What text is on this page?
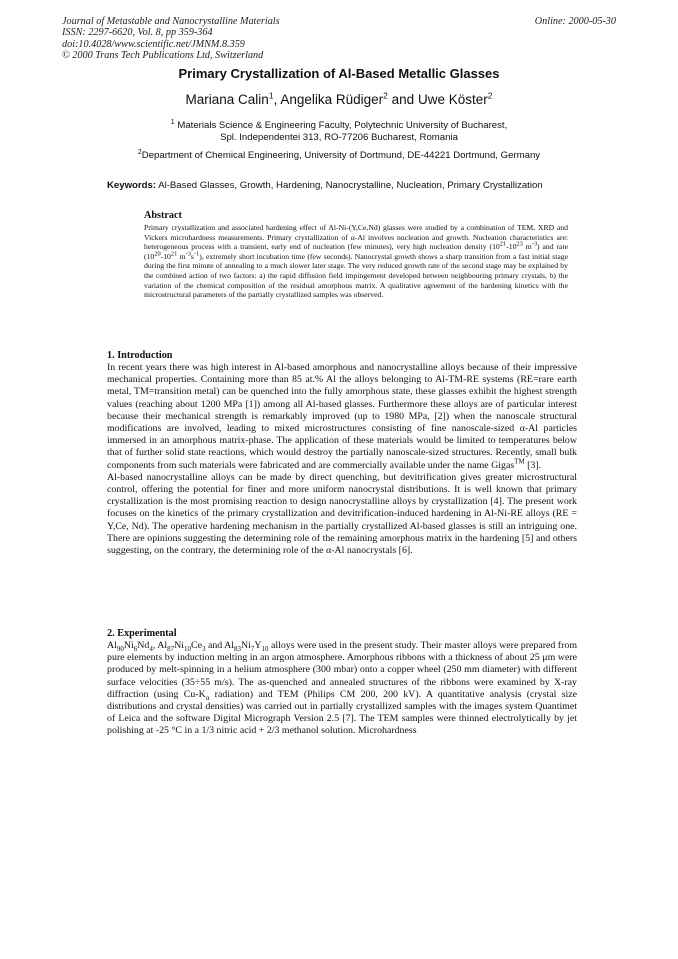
Journal of Metastable and Nanocrystalline Materials
ISSN: 2297-6620, Vol. 8, pp 359-364
doi:10.4028/www.scientific.net/JMNM.8.359
© 2000 Trans Tech Publications Ltd, Switzerland
Online: 2000-05-30
Primary Crystallization of Al-Based Metallic Glasses
Mariana Calin$^1$, Angelika Rüdiger$^2$ and Uwe Köster$^2$
$^1$ Materials Science & Engineering Faculty, Polytechnic University of Bucharest,
Spl. Independentei 313, RO-77206 Bucharest, Romania
$^2$Department of Chemical Engineering, University of Dortmund, DE-44221 Dortmund, Germany
Keywords: Al-Based Glasses, Growth, Hardening, Nanocrystalline, Nucleation, Primary Crystallization
Abstract

Primary crystallization and associated hardening effect of Al-Ni-(Y,Ce,Nd) glasses were studied by a combination of TEM, XRD and Vickers microhardness measurements. Primary crystallization of α-Al involves nucleation and growth. Nucleation characteristics are: heterogeneous process with a transient, early end of nucleation (few minutes), very high nucleation density ($10^{21}-10^{23}$ $m^{-3}$) and rate ($10^{20}-10^{21}$ $m^{-3}s^{-1}$), extremely short incubation time (few seconds). Nanocrystal growth shows a sharp transition from a fast initial stage during the first minute of annealing to a much slower later stage. The very reduced growth rate of the second stage may be explained by the combined action of two factors: a) the rapid diffusion field impingement developed between neighbouring primary crystals, b) the variation of the chemical composition of the residual amorphous matrix. A qualitative agreement of the hardening kinetics with the microstructural parameters of the partially crystallized samples was observed.

1. Introduction

In recent years there was high interest in Al-based amorphous and nanocrystalline alloys because of their impressive mechanical properties. Containing more than 85 at.% Al the alloys belonging to Al-TM-RE systems (RE=rare earth metal, TM=transition metal) can be quenched into the fully amorphous state, these glasses exhibit the highest strength values (reaching about 1200 MPa [1]) among all Al-based glasses. Furthermore these alloys are of particular interest because their mechanical strength is remarkably improved (up to 1980 MPa, [2]) when the nanoscale structural modifications are involved, leading to mixed microstructures consisting of fine nanoscale-sized α-Al particles immersed in an amorphous matrix-phase. The application of these materials would be limited to temperatures below that of further solid state reactions, which would destroy the partially nanoscale-sized structures. Recently, small bulk components from such materials were fabricated and are commercially available under the name Gigas™ [3].

Al-based nanocrystalline alloys can be made by direct quenching, but devitrification gives greater microstructural control, offering the potential for finer and more uniform nanocrystal distributions. It is well known that primary crystallization is the most promising reaction to design nanocrystalline alloys by crystallization [4]. The present work focuses on the kinetics of the primary crystallization and devitrification-induced hardening in Al-Ni-RE alloys (RE = Y,Ce, Nd). The operative hardening mechanism in the partially crystallized Al-based glasses is still an intriguing one. There are opinions suggesting the determining role of the remaining amorphous matrix in the hardening [5] and others suggesting, on the contrary, the determining role of the α-Al nanocrystals [6].

2. Experimental

$Al_{90}Ni_6Nd_4$, $Al_{87}Ni_{10}Ce_3$ and $Al_{83}Ni_7Y_{10}$ alloys were used in the present study. Their master alloys were prepared from pure elements by induction melting in an argon atmosphere. Amorphous ribbons with a thickness of about 25 μm were produced by melt-spinning in a helium atmosphere (300 mbar) onto a copper wheel (250 mm diameter) with different surface velocities (35÷55 m/s). The as-quenched and annealed structures of the ribbons were examined by X-ray diffraction (using $Cu-K_\alpha$ radiation) and TEM (Philips CM 200, 200 kV). A quantitative analysis (crystal size distributions and crystal densities) was carried out in partially crystallized samples with the images system Quantimet of Leica and the software Digital Micrograph Version 2.5 [7]. The TEM samples were thinned electrolytically by jet polishing at -25 °C in a 1/3 nitric acid + 2/3 methanol solution. Microhardness
